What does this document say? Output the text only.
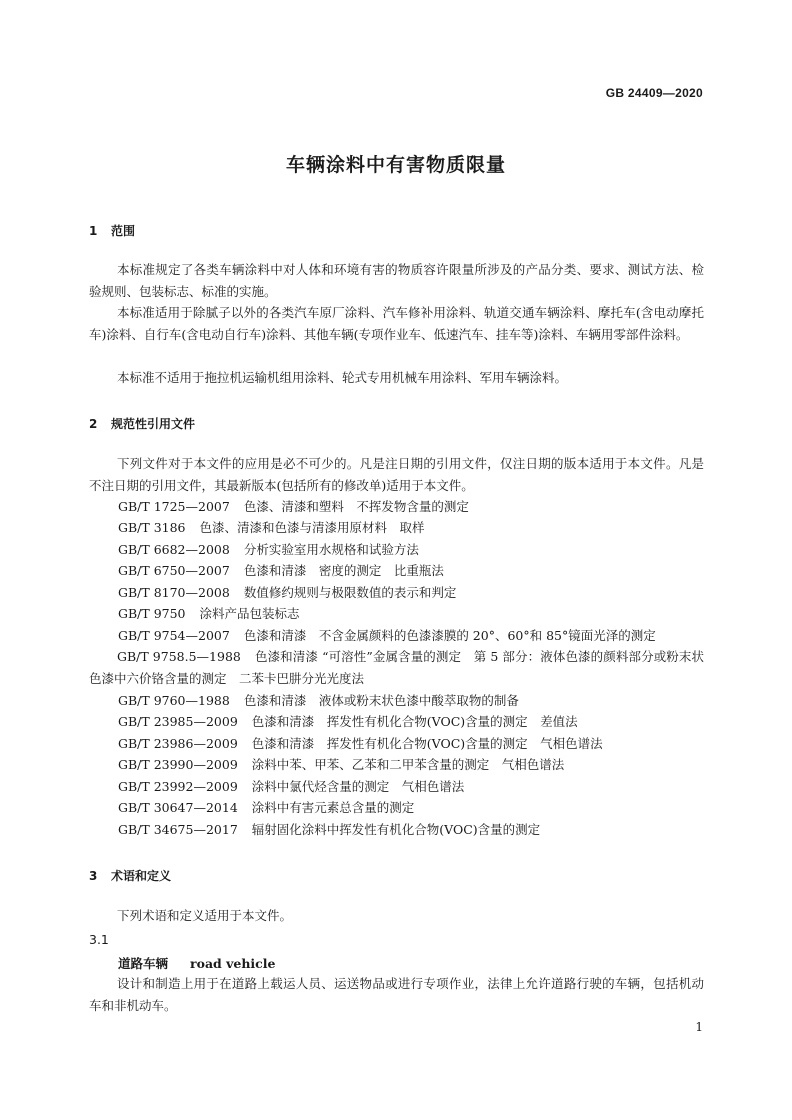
GB 24409—2020
车辆涂料中有害物质限量
1 范围
本标准规定了各类车辆涂料中对人体和环境有害的物质容许限量所涉及的产品分类、要求、测试方法、检验规则、包装标志、标准的实施。
本标准适用于除腻子以外的各类汽车原厂涂料、汽车修补用涂料、轨道交通车辆涂料、摩托车(含电动摩托车)涂料、自行车(含电动自行车)涂料、其他车辆(专项作业车、低速汽车、挂车等)涂料、车辆用零部件涂料。
本标准不适用于拖拉机运输机组用涂料、轮式专用机械车用涂料、军用车辆涂料。
2 规范性引用文件
下列文件对于本文件的应用是必不可少的。凡是注日期的引用文件，仅注日期的版本适用于本文件。凡是不注日期的引用文件，其最新版本(包括所有的修改单)适用于本文件。
GB/T 1725—2007 色漆、清漆和塑料　不挥发物含量的测定
GB/T 3186 色漆、清漆和色漆与清漆用原材料　取样
GB/T 6682—2008 分析实验室用水规格和试验方法
GB/T 6750—2007 色漆和清漆　密度的测定　比重瓶法
GB/T 8170—2008 数值修约规则与极限数值的表示和判定
GB/T 9750 涂料产品包装标志
GB/T 9754—2007 色漆和清漆　不含金属颜料的色漆漆膜的 20°、60°和 85°镜面光泽的测定
GB/T 9758.5—1988 色漆和清漆 “可溶性”金属含量的测定　第 5 部分：液体色漆的颜料部分或粉末状色漆中六价铬含量的测定　二苯卡巴肼分光光度法
GB/T 9760—1988 色漆和清漆　液体或粉末状色漆中酸萃取物的制备
GB/T 23985—2009 色漆和清漆　挥发性有机化合物(VOC)含量的测定　差值法
GB/T 23986—2009 色漆和清漆　挥发性有机化合物(VOC)含量的测定　气相色谱法
GB/T 23990—2009 涂料中苯、甲苯、乙苯和二甲苯含量的测定　气相色谱法
GB/T 23992—2009 涂料中氯代烃含量的测定　气相色谱法
GB/T 30647—2014 涂料中有害元素总含量的测定
GB/T 34675—2017 辐射固化涂料中挥发性有机化合物(VOC)含量的测定
3 术语和定义
下列术语和定义适用于本文件。
3.1
道路车辆 road vehicle
设计和制造上用于在道路上载运人员、运送物品或进行专项作业，法律上允许道路行驶的车辆，包括机动车和非机动车。
1
